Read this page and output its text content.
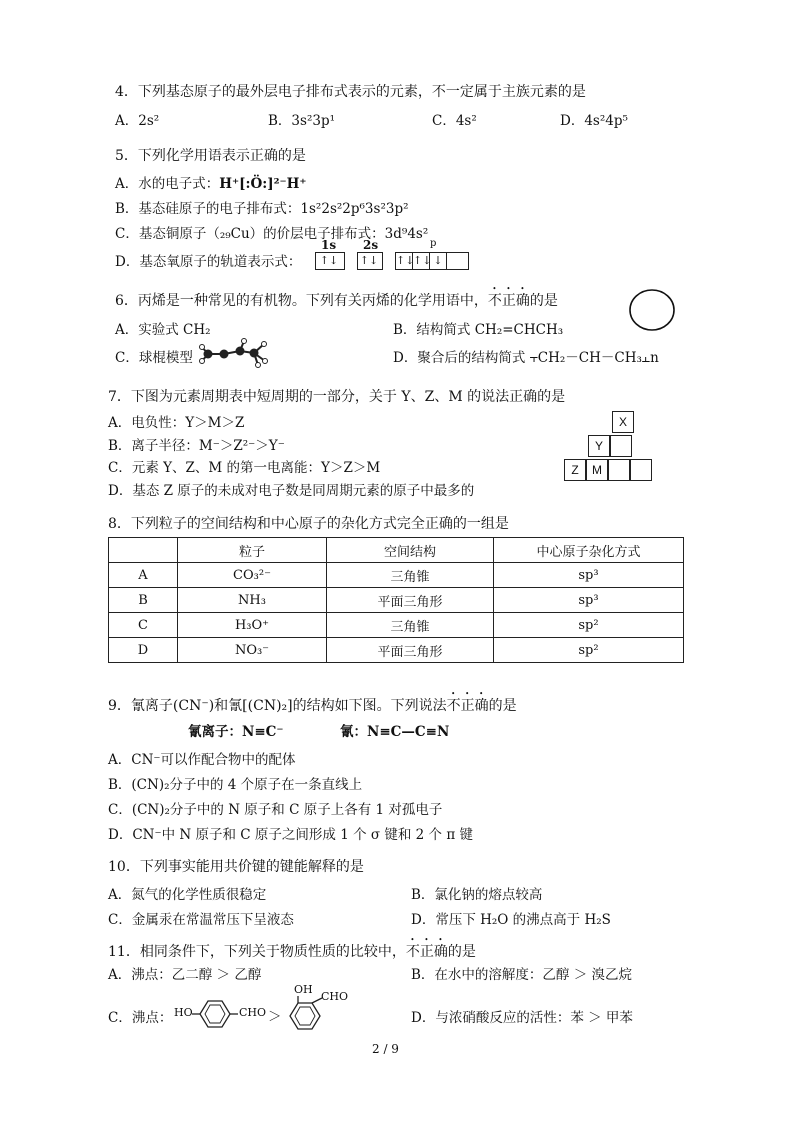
4．下列基态原子的最外层电子排布式表示的元素，不一定属于主族元素的是
A．2s²	B．3s²3p¹	C．4s²	D．4s²4p⁵
5．下列化学用语表示正确的是
A．水的电子式：H⁺[:Ö:]²⁻H⁺
B．基态硅原子的电子排布式：1s²2s²2p⁶3s²3p²
C．基态铜原子（₂₉Cu）的价层电子排布式：3d⁹4s²
D．基态氧原子的轨道表示式：
1s 2s	p
↑↓	↑↓	↑↓↑↓ ↓
6．丙烯是一种常见的有机物。下列有关丙烯的化学用语中，不正确的是
A．实验式 CH₂	B．结构简式 CH₂=CHCH₃
C．球棍模型	D．聚合后的结构简式 ⫟CH₂－CH－CH₃⫠n
7．下图为元素周期表中短周期的一部分，关于 Y、Z、M 的说法正确的是
A．电负性：Y＞M＞Z
B．离子半径：M⁻＞Z²⁻＞Y⁻
C．元素 Y、Z、M 的第一电离能：Y＞Z＞M
D．基态 Z 原子的未成对电子数是同周期元素的原子中最多的
X
Y
Z	M
8．下列粒子的空间结构和中心原子的杂化方式完全正确的一组是
	粒子	空间结构	中心原子杂化方式
A	CO₃²⁻	三角锥	sp³
B	NH₃	平面三角形	sp³
C	H₃O⁺	三角锥	sp²
D	NO₃⁻	平面三角形	sp²
9．氰离子(CN⁻)和氰[(CN)₂]的结构如下图。下列说法不正确的是
氰离子：N≡C⁻	氰：N≡C—C≡N
A．CN⁻可以作配合物中的配体
B．(CN)₂分子中的 4 个原子在一条直线上
C．(CN)₂分子中的 N 原子和 C 原子上各有 1 对孤电子
D．CN⁻中 N 原子和 C 原子之间形成 1 个 σ 键和 2 个 π 键
10．下列事实能用共价键的键能解释的是
A．氮气的化学性质很稳定	B．氯化钠的熔点较高
C．金属汞在常温常压下呈液态	D．常压下 H₂O 的沸点高于 H₂S
11．相同条件下，下列关于物质性质的比较中，不正确的是
A．沸点：乙二醇 ＞ 乙醇	B．在水中的溶解度：乙醇 ＞ 溴乙烷
C．沸点： HO	CHO ＞
OH
CHO
D．与浓硝酸反应的活性：苯 ＞ 甲苯
2 / 9
